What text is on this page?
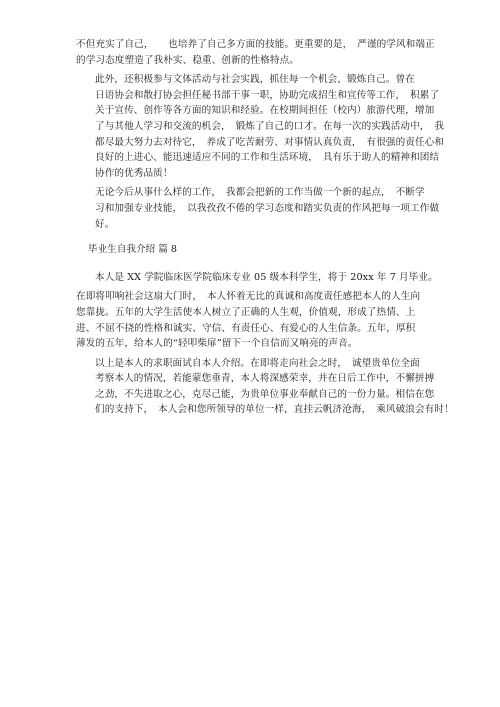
不但充实了自己，　　也培养了自己多方面的技能。更重要的是，　严谨的学风和端正
的学习态度塑造了我朴实、稳重、创新的性格特点。

此外，还积极参与文体活动与社会实践，抓住每一个机会，锻炼自己。曾在
日语协会和散打协会担任秘书部干事一职，协助完成招生和宣传等工作，　积累了
关于宣传、创作等各方面的知识和经验。在校期间担任（校内）旅游代理，增加
了与其他人学习和交流的机会，　锻炼了自己的口才。在每一次的实践活动中，　我
都尽最大努力去对待它，　养成了吃苦耐劳、对事情认真负责，　有很强的责任心和
良好的上进心、能迅速适应不同的工作和生活环境，　具有乐于助人的精神和团结
协作的优秀品质！

无论今后从事什么样的工作，　我都会把新的工作当做一个新的起点，　不断学
习和加强专业技能，　以我孜孜不倦的学习态度和踏实负责的作风把每一项工作做
好。

毕业生自我介绍 篇 8

本人是 XX 学院临床医学院临床专业 05 级本科学生，将于 20xx 年 7 月毕业。

在即将叩响社会这扇大门时，　本人怀着无比的真诚和高度责任感把本人的人生向
您靠拢。五年的大学生活使本人树立了正确的人生观，价值观，形成了热情、上
进、不屈不挠的性格和诚实、守信、有责任心、有爱心的人生信条。五年，厚积
薄发的五年，给本人的“轻叩柴扉”留下一个自信而又响亮的声音。

以上是本人的求职面试自本人介绍。在即将走向社会之时，　诚望贵单位全面
考察本人的情况，若能蒙您垂青，本人将深感荣幸，并在日后工作中，不懈拼搏
之劲，不失进取之心，克尽己能，为贵单位事业奉献自己的一份力量。相信在您
们的支持下，　本人会和您所领导的单位一样，直挂云帆济沧海，　乘风破浪会有时！
